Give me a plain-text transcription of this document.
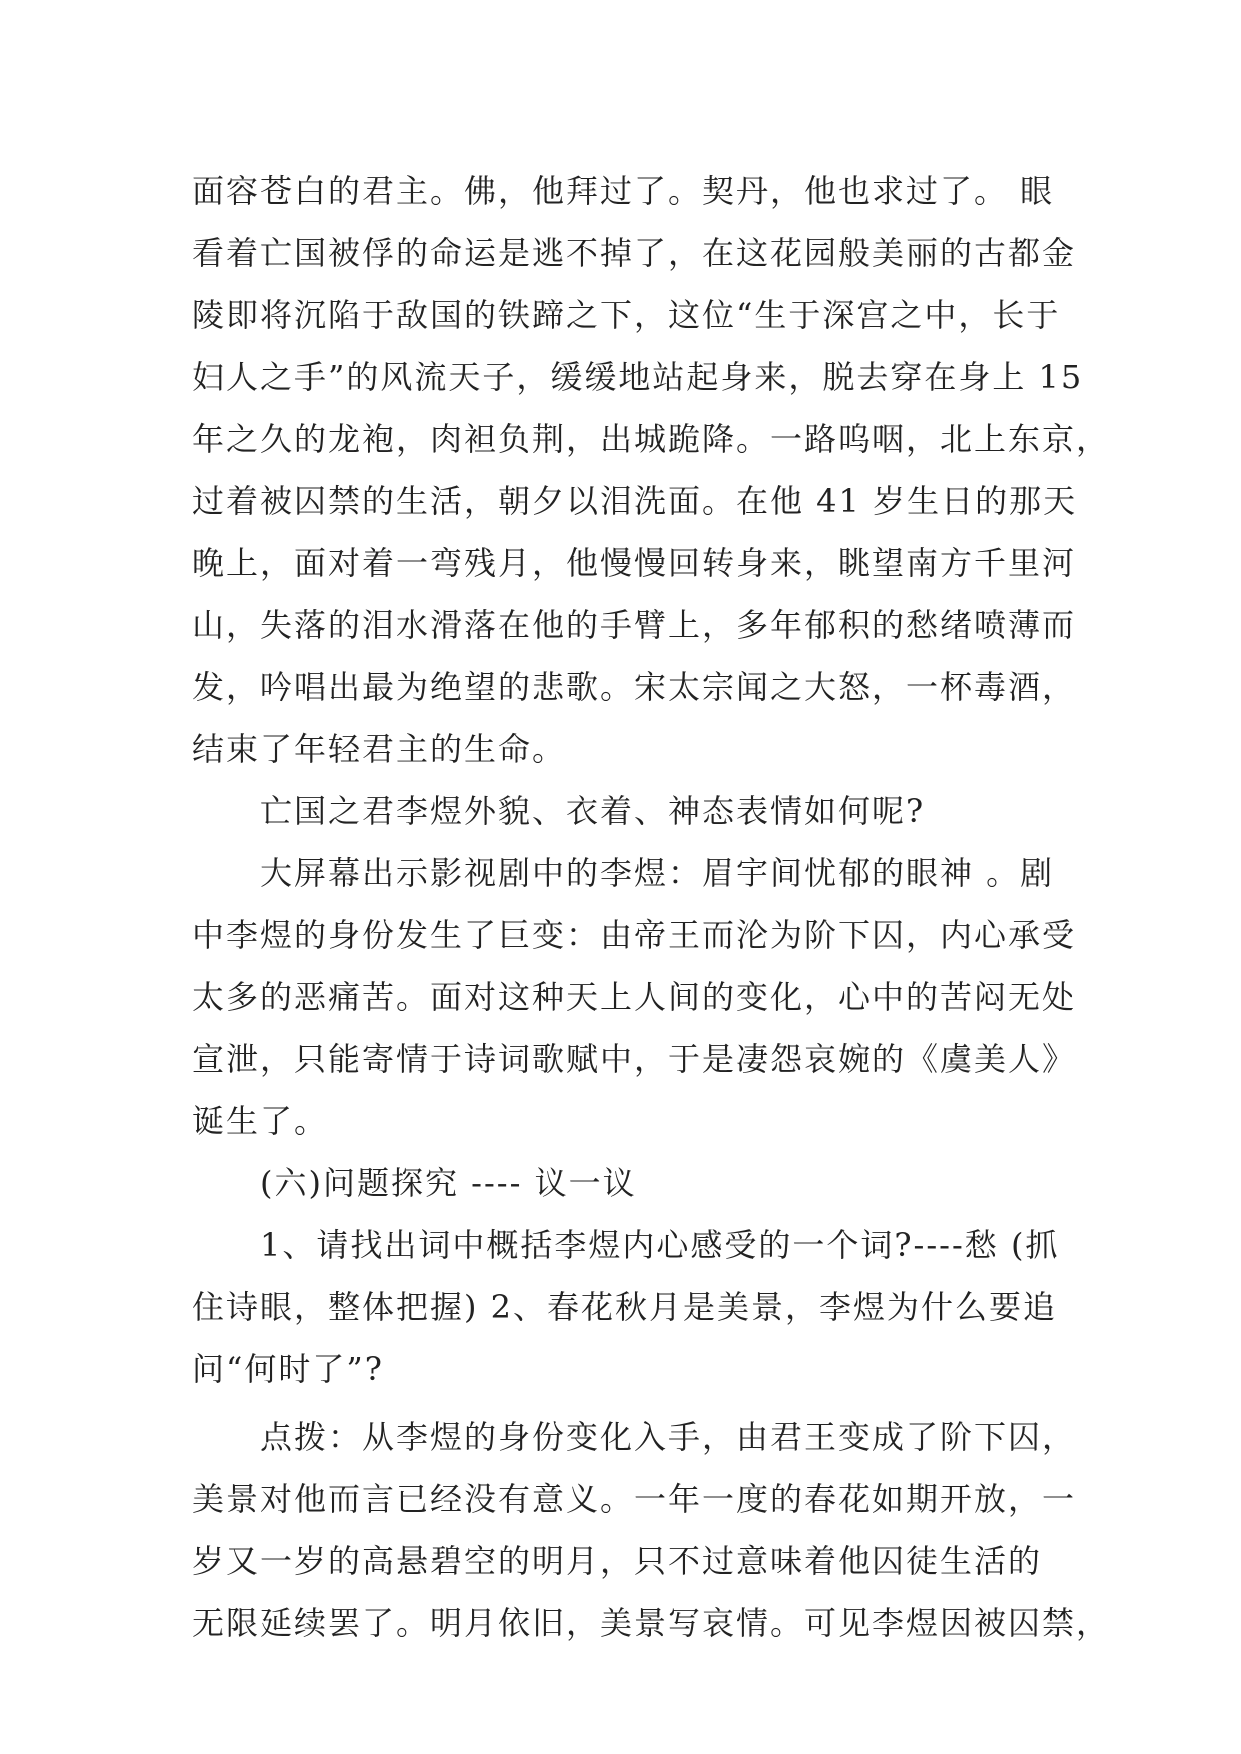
面容苍白的君主。佛，他拜过了。契丹，他也求过了。 眼
看着亡国被俘的命运是逃不掉了，在这花园般美丽的古都金
陵即将沉陷于敌国的铁蹄之下，这位“生于深宫之中，长于
妇人之手”的风流天子，缓缓地站起身来，脱去穿在身上 15
年之久的龙袍，肉袒负荆，出城跪降。一路呜咽，北上东京，
过着被囚禁的生活，朝夕以泪洗面。在他 41 岁生日的那天
晚上，面对着一弯残月，他慢慢回转身来，眺望南方千里河
山，失落的泪水滑落在他的手臂上，多年郁积的愁绪喷薄而
发，吟唱出最为绝望的悲歌。宋太宗闻之大怒，一杯毒酒，
结束了年轻君主的生命。
　　亡国之君李煜外貌、衣着、神态表情如何呢?
　　大屏幕出示影视剧中的李煜：眉宇间忧郁的眼神 。剧
中李煜的身份发生了巨变：由帝王而沦为阶下囚，内心承受
太多的恶痛苦。面对这种天上人间的变化，心中的苦闷无处
宣泄，只能寄情于诗词歌赋中，于是凄怨哀婉的《虞美人》
诞生了。
　　(六)问题探究 ---- 议一议
　　1、请找出词中概括李煜内心感受的一个词?----愁 (抓
住诗眼，整体把握) 2、春花秋月是美景，李煜为什么要追
问“何时了”?
　　点拨：从李煜的身份变化入手，由君王变成了阶下囚，
美景对他而言已经没有意义。一年一度的春花如期开放，一
岁又一岁的高悬碧空的明月，只不过意味着他囚徒生活的
无限延续罢了。明月依旧，美景写哀情。可见李煜因被囚禁，
